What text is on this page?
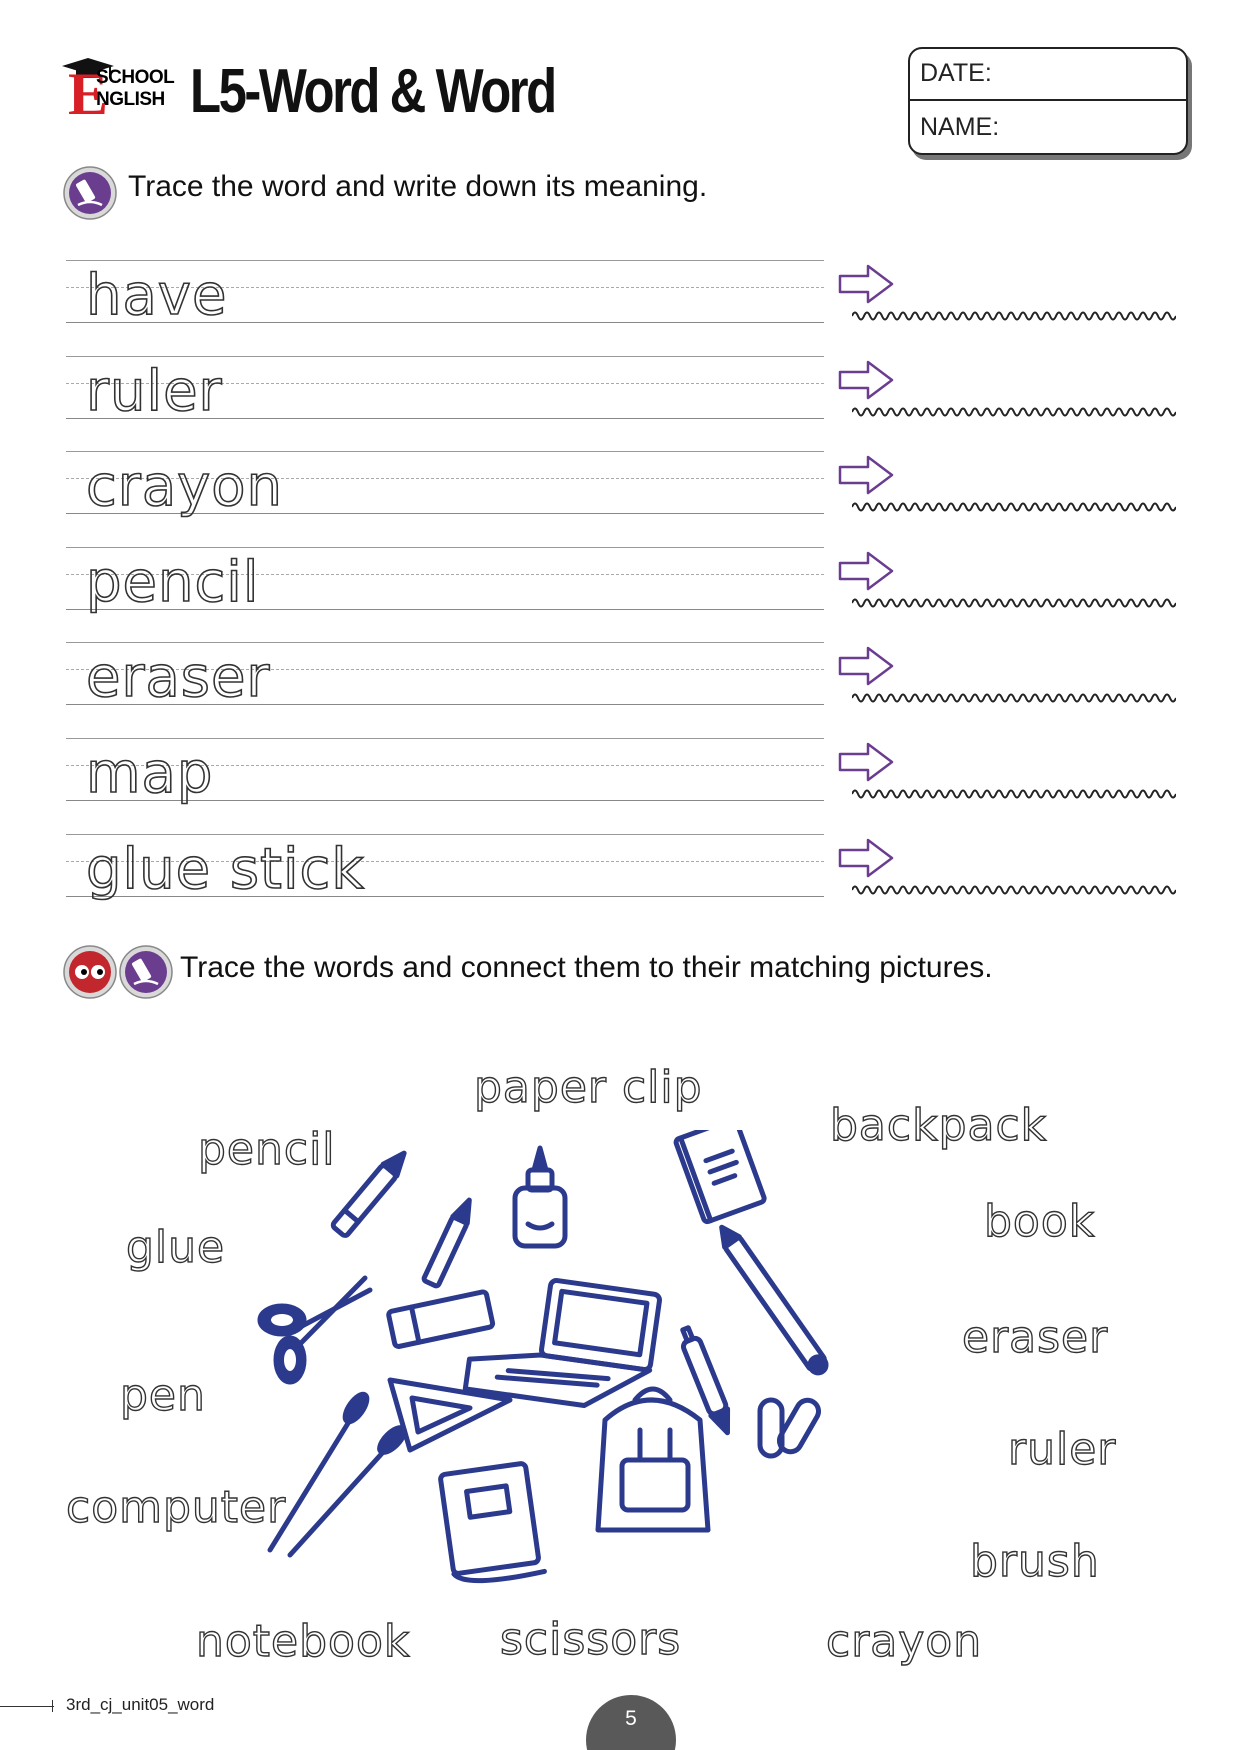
E
SCHOOL
NGLISH L5-Word & Word	DATE:
NAME:
Trace the word and write down its meaning.
have
ruler
crayon
pencil
eraser
map
glue stick
Trace the words and connect them to their matching pictures.
paper clip
backpack
pencil
book
glue
eraser
pen
ruler
computer
brush
notebook scissors	crayon
3rd_cj_unit05_word
5
